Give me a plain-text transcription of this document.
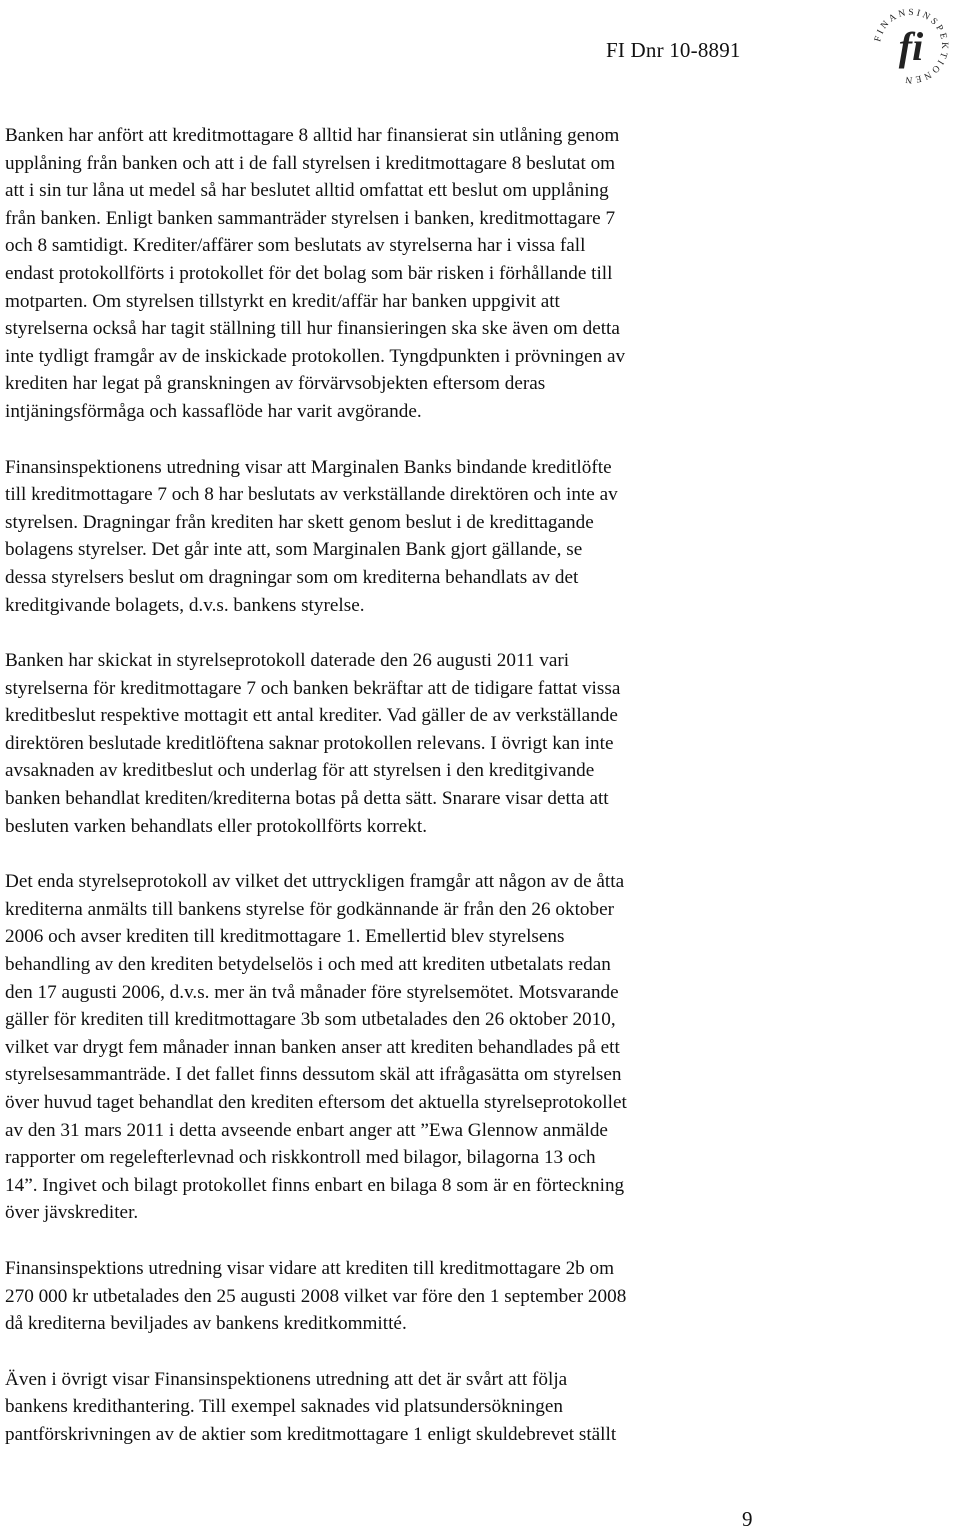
FI Dnr 10-8891
FINANSINSPEKTIONEN
fi

Banken har anfört att kreditmottagare 8 alltid har finansierat sin utlåning genom
upplåning från banken och att i de fall styrelsen i kreditmottagare 8 beslutat om
att i sin tur låna ut medel så har beslutet alltid omfattat ett beslut om upplåning
från banken. Enligt banken sammanträder styrelsen i banken, kreditmottagare 7
och 8 samtidigt. Krediter/affärer som beslutats av styrelserna har i vissa fall
endast protokollförts i protokollet för det bolag som bär risken i förhållande till
motparten. Om styrelsen tillstyrkt en kredit/affär har banken uppgivit att
styrelserna också har tagit ställning till hur finansieringen ska ske även om detta
inte tydligt framgår av de inskickade protokollen. Tyngdpunkten i prövningen av
krediten har legat på granskningen av förvärvsobjekten eftersom deras
intjäningsförmåga och kassaflöde har varit avgörande.

Finansinspektionens utredning visar att Marginalen Banks bindande kreditlöfte
till kreditmottagare 7 och 8 har beslutats av verkställande direktören och inte av
styrelsen. Dragningar från krediten har skett genom beslut i de kredittagande
bolagens styrelser. Det går inte att, som Marginalen Bank gjort gällande, se
dessa styrelsers beslut om dragningar som om krediterna behandlats av det
kreditgivande bolagets, d.v.s. bankens styrelse.

Banken har skickat in styrelseprotokoll daterade den 26 augusti 2011 vari
styrelserna för kreditmottagare 7 och banken bekräftar att de tidigare fattat vissa
kreditbeslut respektive mottagit ett antal krediter. Vad gäller de av verkställande
direktören beslutade kreditlöftena saknar protokollen relevans. I övrigt kan inte
avsaknaden av kreditbeslut och underlag för att styrelsen i den kreditgivande
banken behandlat krediten/krediterna botas på detta sätt. Snarare visar detta att
besluten varken behandlats eller protokollförts korrekt.

Det enda styrelseprotokoll av vilket det uttryckligen framgår att någon av de åtta
krediterna anmälts till bankens styrelse för godkännande är från den 26 oktober
2006 och avser krediten till kreditmottagare 1. Emellertid blev styrelsens
behandling av den krediten betydelselös i och med att krediten utbetalats redan
den 17 augusti 2006, d.v.s. mer än två månader före styrelsemötet. Motsvarande
gäller för krediten till kreditmottagare 3b som utbetalades den 26 oktober 2010,
vilket var drygt fem månader innan banken anser att krediten behandlades på ett
styrelsesammanträde. I det fallet finns dessutom skäl att ifrågasätta om styrelsen
över huvud taget behandlat den krediten eftersom det aktuella styrelseprotokollet
av den 31 mars 2011 i detta avseende enbart anger att ”Ewa Glennow anmälde
rapporter om regelefterlevnad och riskkontroll med bilagor, bilagorna 13 och
14”. Ingivet och bilagt protokollet finns enbart en bilaga 8 som är en förteckning
över jävskrediter.

Finansinspektions utredning visar vidare att krediten till kreditmottagare 2b om
270 000 kr utbetalades den 25 augusti 2008 vilket var före den 1 september 2008
då krediterna beviljades av bankens kreditkommitté.

Även i övrigt visar Finansinspektionens utredning att det är svårt att följa
bankens kredithantering. Till exempel saknades vid platsundersökningen
pantförskrivningen av de aktier som kreditmottagare 1 enligt skuldebrevet ställt

9
